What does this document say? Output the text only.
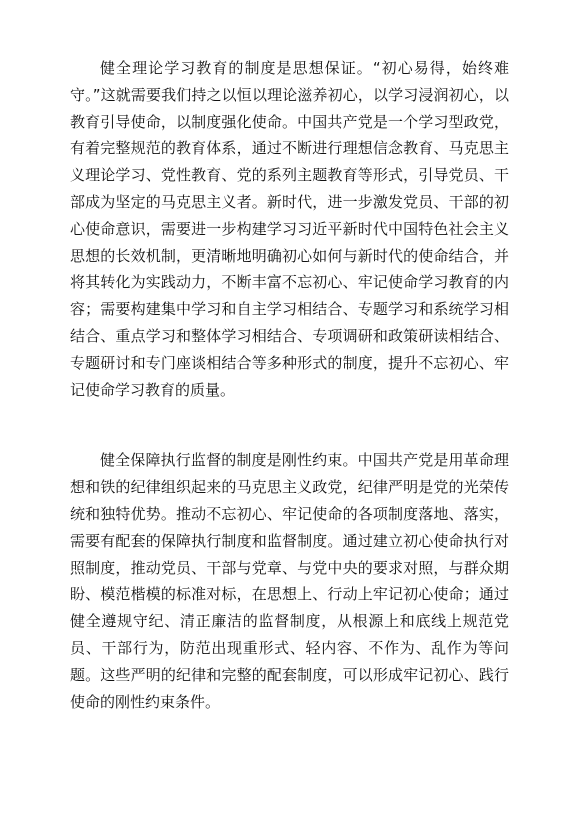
健全理论学习教育的制度是思想保证。“初心易得，始终难守。”这就需要我们持之以恒以理论滋养初心，以学习浸润初心，以教育引导使命，以制度强化使命。中国共产党是一个学习型政党，有着完整规范的教育体系，通过不断进行理想信念教育、马克思主义理论学习、党性教育、党的系列主题教育等形式，引导党员、干部成为坚定的马克思主义者。新时代，进一步激发党员、干部的初心使命意识，需要进一步构建学习习近平新时代中国特色社会主义思想的长效机制，更清晰地明确初心如何与新时代的使命结合，并将其转化为实践动力，不断丰富不忘初心、牢记使命学习教育的内容；需要构建集中学习和自主学习相结合、专题学习和系统学习相结合、重点学习和整体学习相结合、专项调研和政策研读相结合、专题研讨和专门座谈相结合等多种形式的制度，提升不忘初心、牢记使命学习教育的质量。

健全保障执行监督的制度是刚性约束。中国共产党是用革命理想和铁的纪律组织起来的马克思主义政党，纪律严明是党的光荣传统和独特优势。推动不忘初心、牢记使命的各项制度落地、落实，需要有配套的保障执行制度和监督制度。通过建立初心使命执行对照制度，推动党员、干部与党章、与党中央的要求对照，与群众期盼、模范楷模的标准对标，在思想上、行动上牢记初心使命；通过健全遵规守纪、清正廉洁的监督制度，从根源上和底线上规范党员、干部行为，防范出现重形式、轻内容、不作为、乱作为等问题。这些严明的纪律和完整的配套制度，可以形成牢记初心、践行使命的刚性约束条件。
